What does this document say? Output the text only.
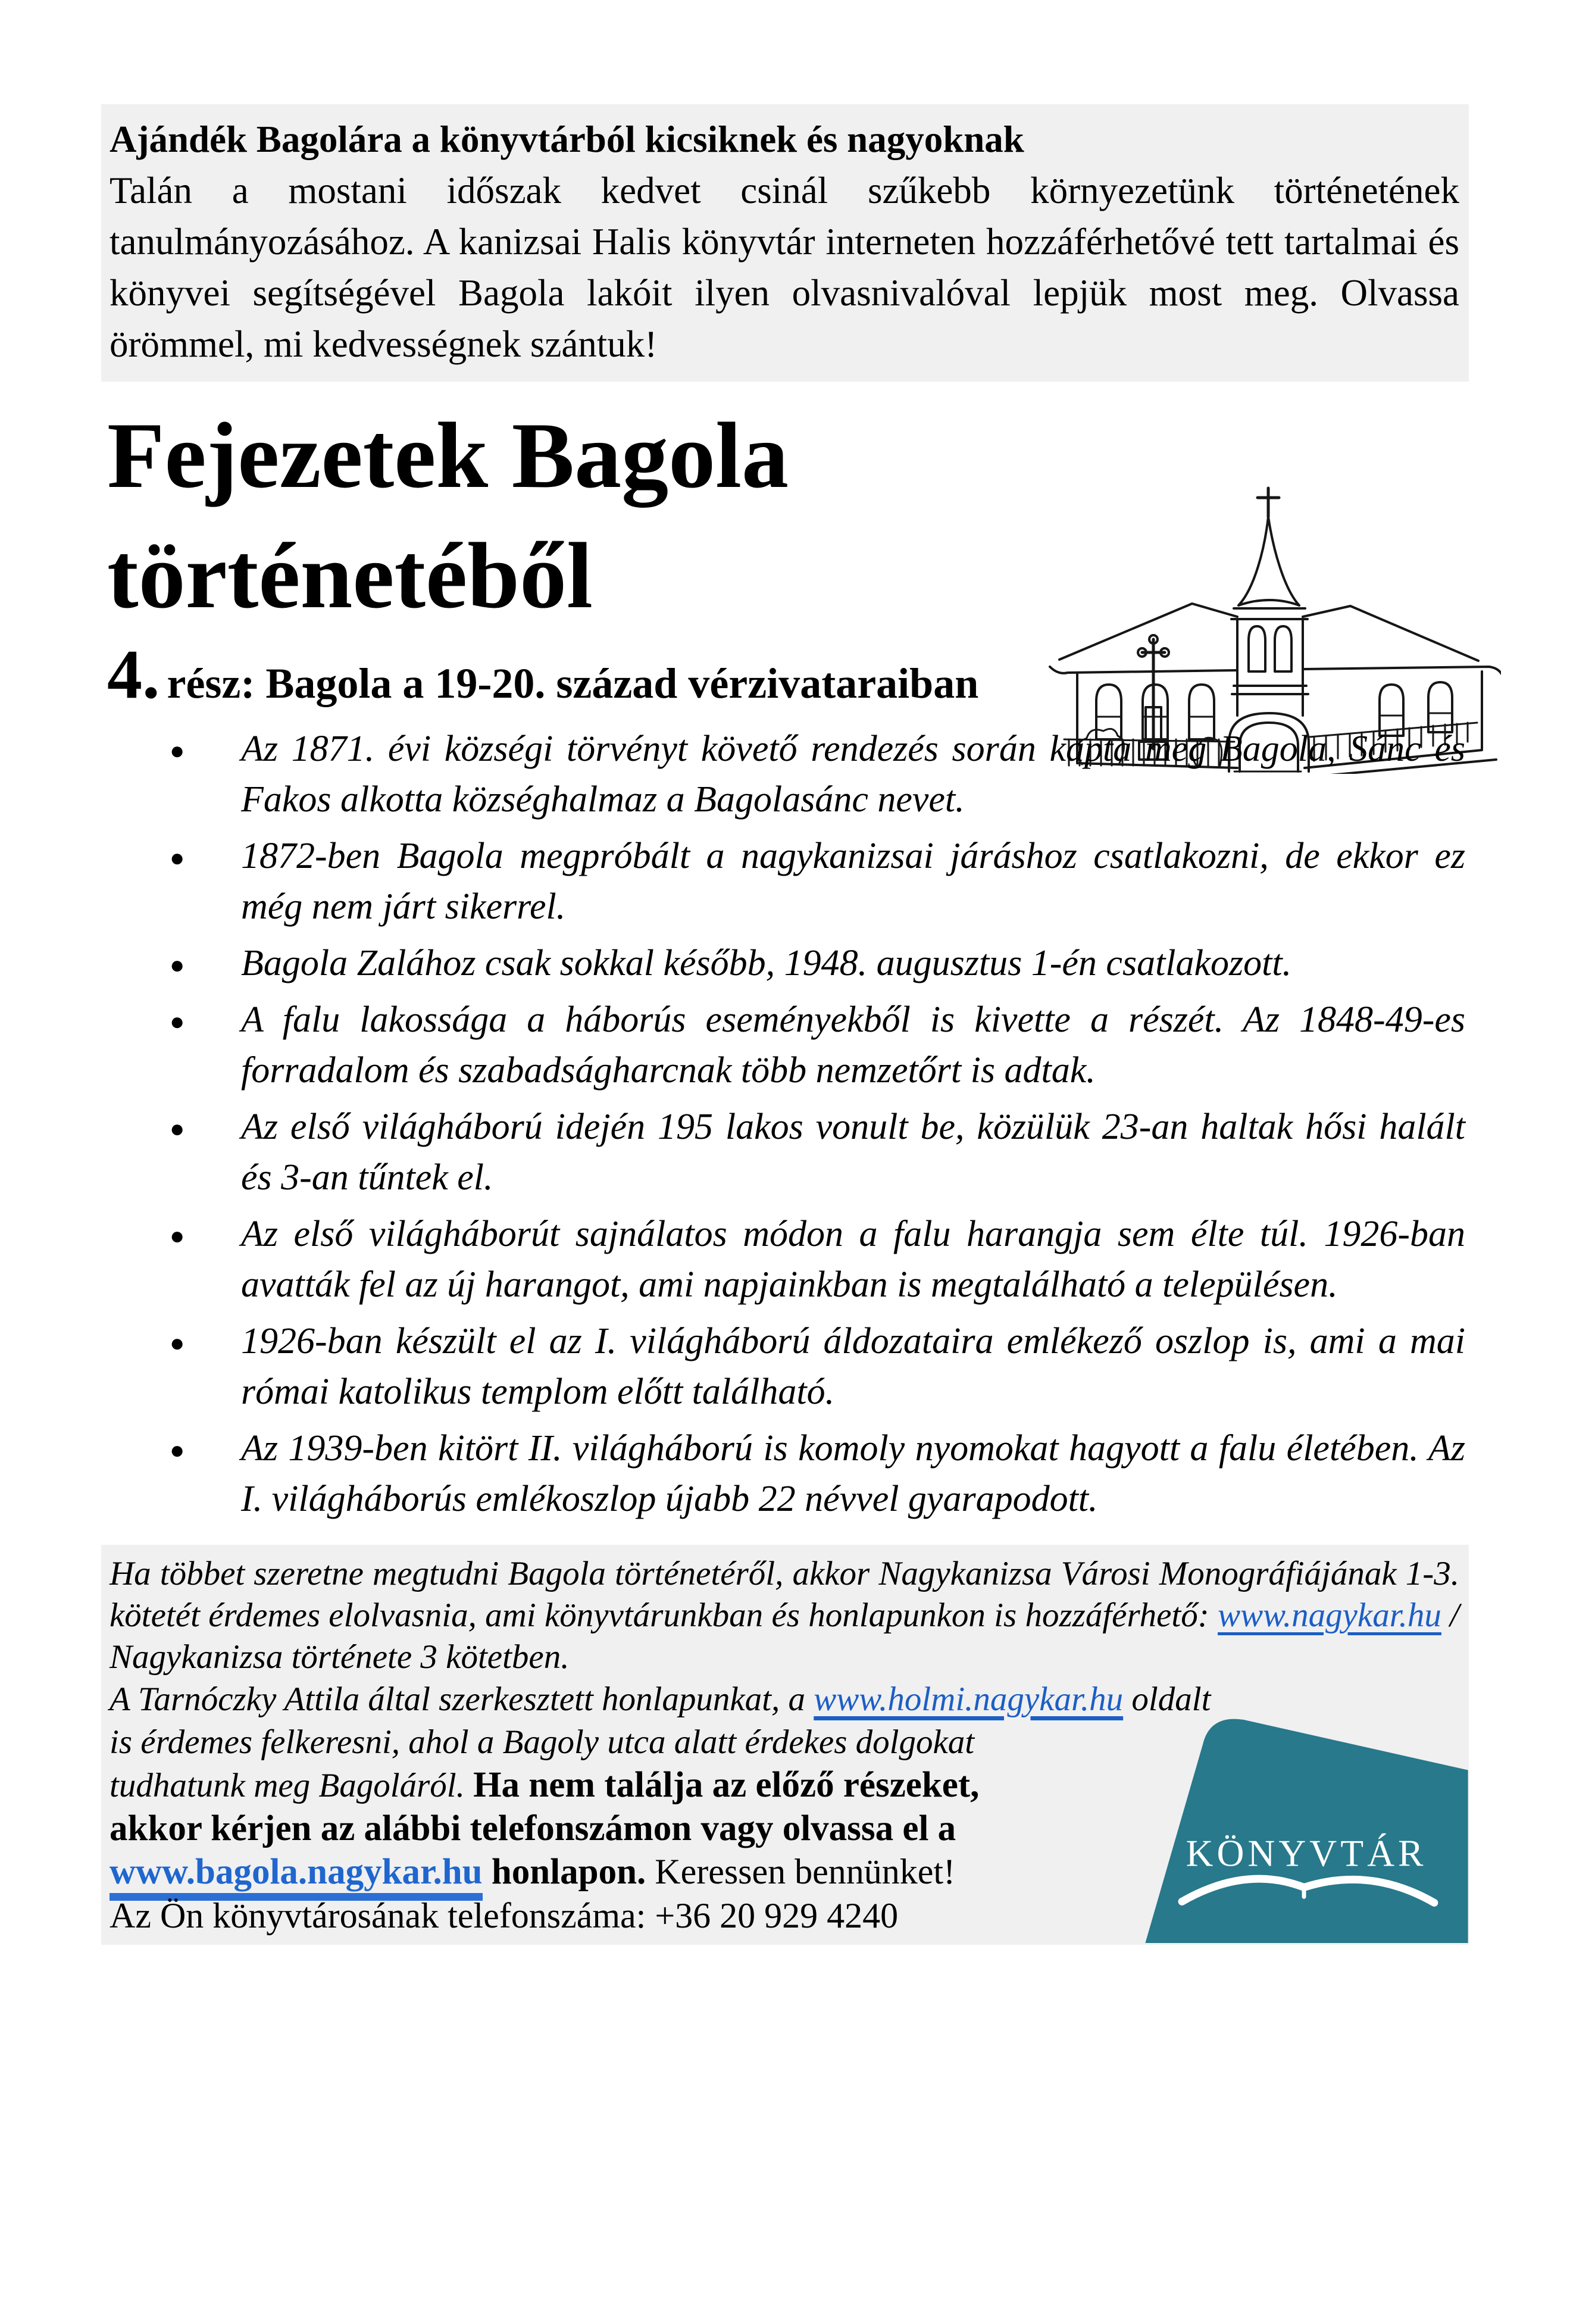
Ajándék Bagolára a könyvtárból kicsiknek és nagyoknak

Talán a mostani időszak kedvet csinál szűkebb környezetünk történetének tanulmányozásához. A kanizsai Halis könyvtár interneten hozzáférhetővé tett tartalmai és könyvei segítségével Bagola lakóit ilyen olvasnivalóval lepjük most meg. Olvassa örömmel, mi kedvességnek szántuk!

Fejezetek Bagola
történetéből
4. rész: Bagola a 19-20. század vérzivataraiban
● Az 1871. évi községi törvényt követő rendezés során kapta meg Bagola, Sánc és Fakos alkotta községhalmaz a Bagolasánc nevet.
● 1872-ben Bagola megpróbált a nagykanizsai járáshoz csatlakozni, de ekkor ez még nem járt sikerrel.
● Bagola Zalához csak sokkal később, 1948. augusztus 1-én csatlakozott.
● A falu lakossága a háborús eseményekből is kivette a részét. Az 1848-49-es forradalom és szabadságharcnak több nemzetőrt is adtak.
● Az első világháború idején 195 lakos vonult be, közülük 23-an haltak hősi halált és 3-an tűntek el.
● Az első világháborút sajnálatos módon a falu harangja sem élte túl. 1926-ban avatták fel az új harangot, ami napjainkban is megtalálható a településen.
● 1926-ban készült el az I. világháború áldozataira emlékező oszlop is, ami a mai római katolikus templom előtt található.
● Az 1939-ben kitört II. világháború is komoly nyomokat hagyott a falu életében. Az I. világháborús emlékoszlop újabb 22 névvel gyarapodott.
KÖNYVTÁR

Ha többet szeretne megtudni Bagola történetéről, akkor Nagykanizsa Városi Monográfiájának 1-3. kötetét érdemes elolvasnia, ami könyvtárunkban és honlapunkon is hozzáférhető: www.nagykar.hu / Nagykanizsa története 3 kötetben.

A Tarnóczky Attila által szerkesztett honlapunkat, a www.holmi.nagykar.hu oldalt
is érdemes felkeresni, ahol a Bagoly utca alatt érdekes dolgokat
tudhatunk meg Bagoláról. Ha nem találja az előző részeket,
akkor kérjen az alábbi telefonszámon vagy olvassa el a
www.bagola.nagykar.hu honlapon. Keressen bennünket!
Az Ön könyvtárosának telefonszáma: +36 20 929 4240
